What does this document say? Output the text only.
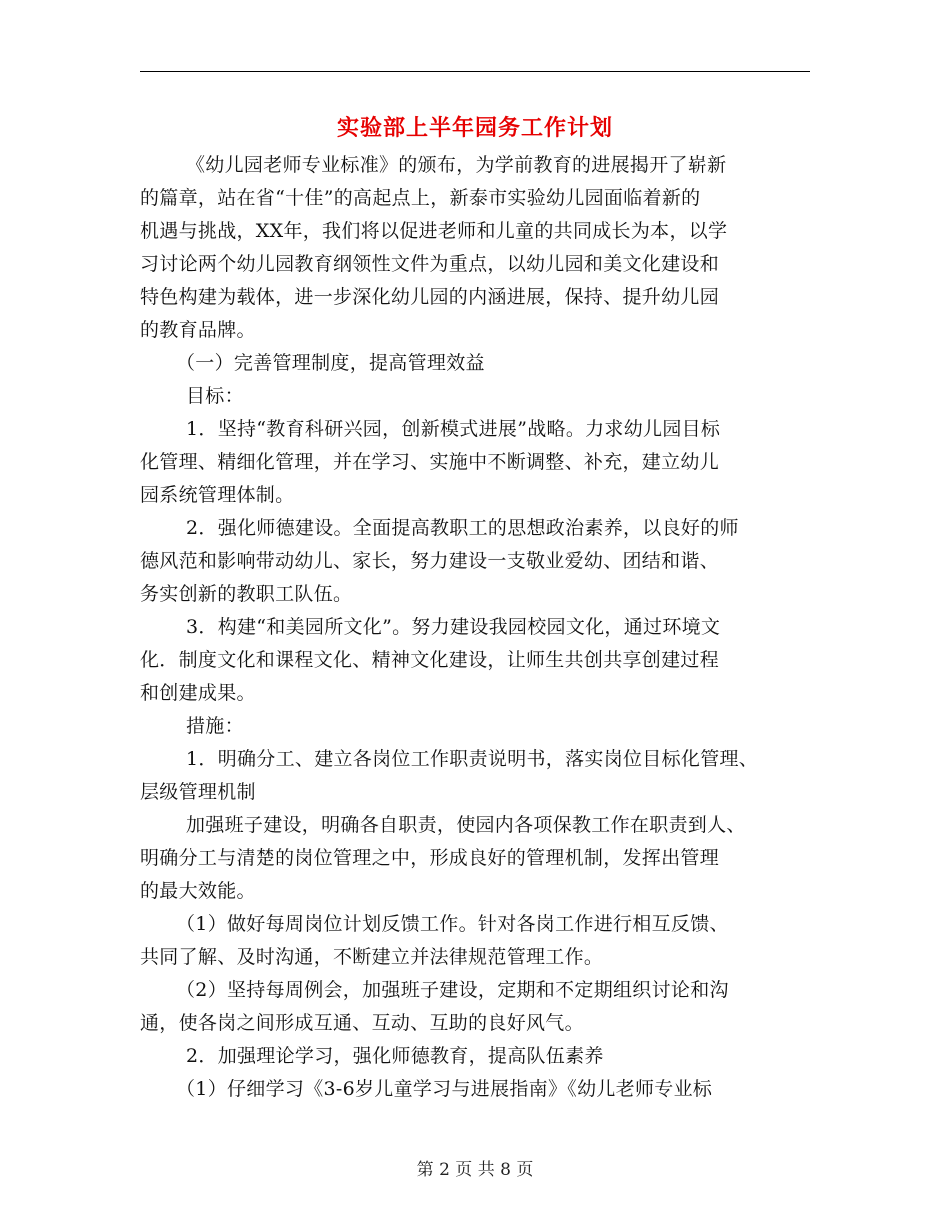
实验部上半年园务工作计划
《幼儿园老师专业标准》的颁布，为学前教育的进展揭开了崭新
的篇章，站在省“十佳”的高起点上，新泰市实验幼儿园面临着新的
机遇与挑战，XX年，我们将以促进老师和儿童的共同成长为本，以学
习讨论两个幼儿园教育纲领性文件为重点，以幼儿园和美文化建设和
特色构建为载体，进一步深化幼儿园的内涵进展，保持、提升幼儿园
的教育品牌。
（一）完善管理制度，提高管理效益
目标：
1．坚持“教育科研兴园，创新模式进展”战略。力求幼儿园目标
化管理、精细化管理，并在学习、实施中不断调整、补充，建立幼儿
园系统管理体制。
2．强化师德建设。全面提高教职工的思想政治素养，以良好的师
德风范和影响带动幼儿、家长，努力建设一支敬业爱幼、团结和谐、
务实创新的教职工队伍。
3．构建“和美园所文化”。努力建设我园校园文化，通过环境文
化．制度文化和课程文化、精神文化建设，让师生共创共享创建过程
和创建成果。
措施：
1．明确分工、建立各岗位工作职责说明书，落实岗位目标化管理、
层级管理机制
加强班子建设，明确各自职责，使园内各项保教工作在职责到人、
明确分工与清楚的岗位管理之中，形成良好的管理机制，发挥出管理
的最大效能。
（1）做好每周岗位计划反馈工作。针对各岗工作进行相互反馈、
共同了解、及时沟通，不断建立并法律规范管理工作。
（2）坚持每周例会，加强班子建设，定期和不定期组织讨论和沟
通，使各岗之间形成互通、互动、互助的良好风气。
2．加强理论学习，强化师德教育，提高队伍素养
（1）仔细学习《3-6岁儿童学习与进展指南》《幼儿老师专业标
第 2 页 共 8 页
